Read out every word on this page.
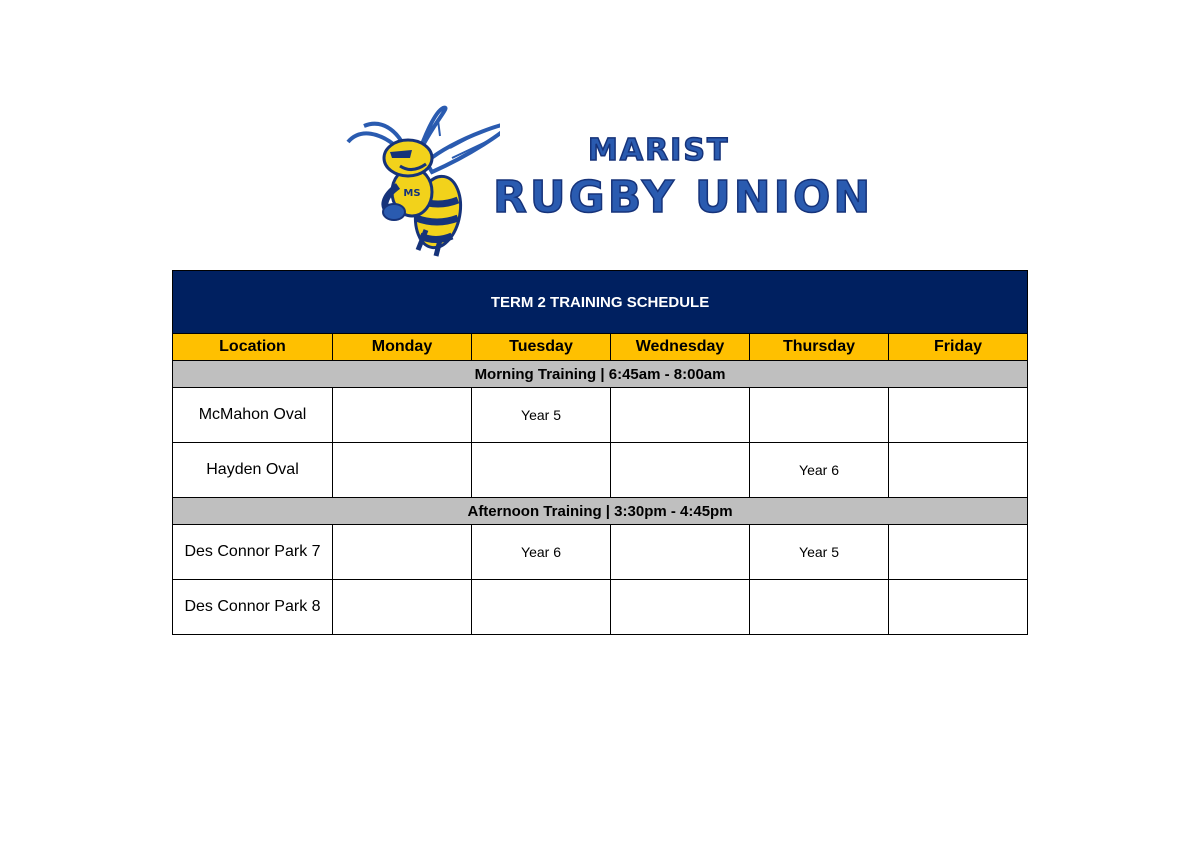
MS
MARIST
RUGBY UNION
TERM 2 TRAINING SCHEDULE					
Location	Monday	Tuesday	Wednesday	Thursday	Friday
Morning Training | 6:45am - 8:00am					
McMahon Oval		Year 5			
Hayden Oval				Year 6	
Afternoon Training | 3:30pm - 4:45pm					
Des Connor Park 7		Year 6		Year 5	
Des Connor Park 8					
